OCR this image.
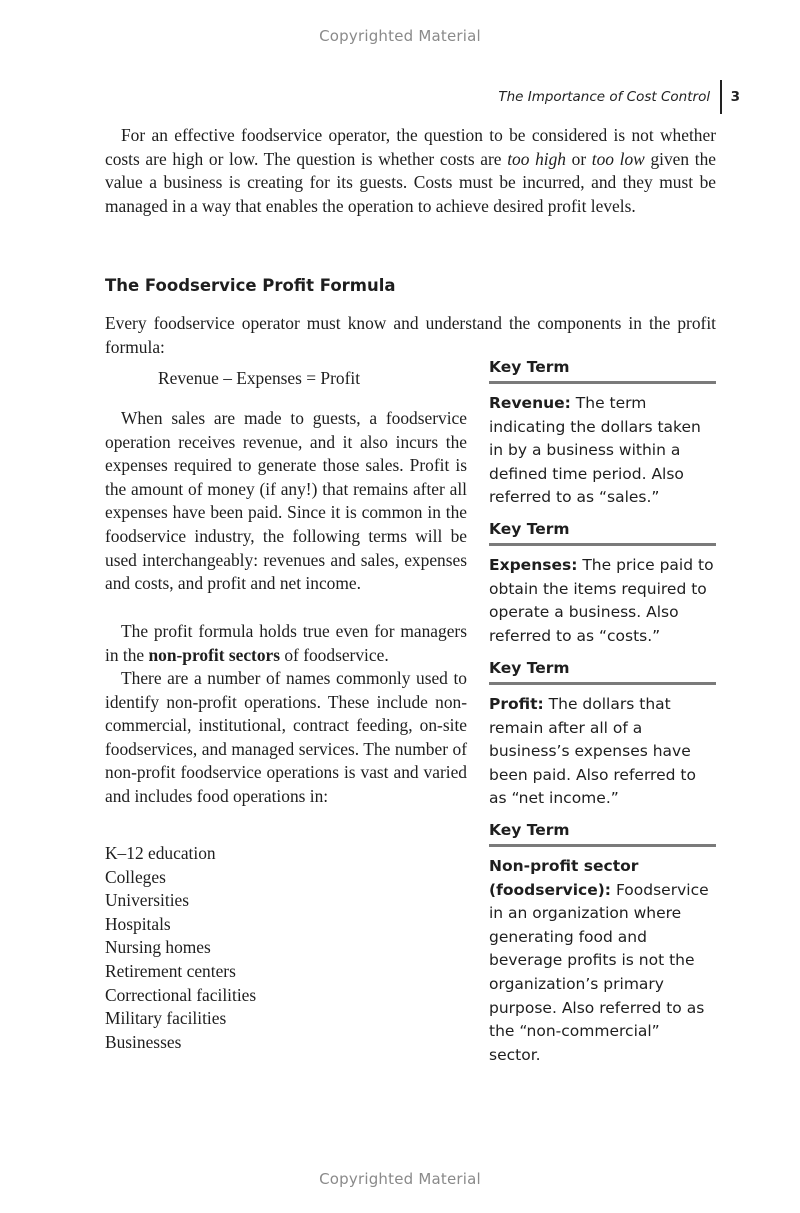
Copyrighted Material
The Importance of Cost Control	3

For an effective foodservice operator, the question to be considered is not whether costs are high or low. The question is whether costs are too high or too low given the value a business is creating for its guests. Costs must be incurred, and they must be managed in a way that enables the operation to achieve desired profit levels.

The Foodservice Profit Formula

Every foodservice operator must know and understand the components in the profit formula:

Revenue – Expenses = Profit

When sales are made to guests, a foodservice operation receives revenue, and it also incurs the expenses required to generate those sales. Profit is the amount of money (if any!) that remains after all expenses have been paid. Since it is common in the foodservice industry, the following terms will be used interchangeably: revenues and sales, expenses and costs, and profit and net income.

The profit formula holds true even for managers in the non-profit sectors of foodservice.

There are a number of names commonly used to identify non-profit operations. These include non-commercial, institutional, contract feeding, on-site foodservices, and managed services. The number of non-profit foodservice operations is vast and varied and includes food operations in:

K–12 education
Colleges
Universities
Hospitals
Nursing homes
Retirement centers
Correctional facilities
Military facilities
Businesses
Key Term
Revenue: The term indicating the dollars taken in by a business within a defined time period. Also referred to as “sales.”
Key Term
Expenses: The price paid to obtain the items required to operate a business. Also referred to as “costs.”
Key Term
Profit: The dollars that remain after all of a business’s expenses have been paid. Also referred to as “net income.”
Key Term
Non-profit sector (foodservice): Foodservice in an organization where generating food and beverage profits is not the organization’s primary purpose. Also referred to as the “non-commercial” sector.
Copyrighted Material
